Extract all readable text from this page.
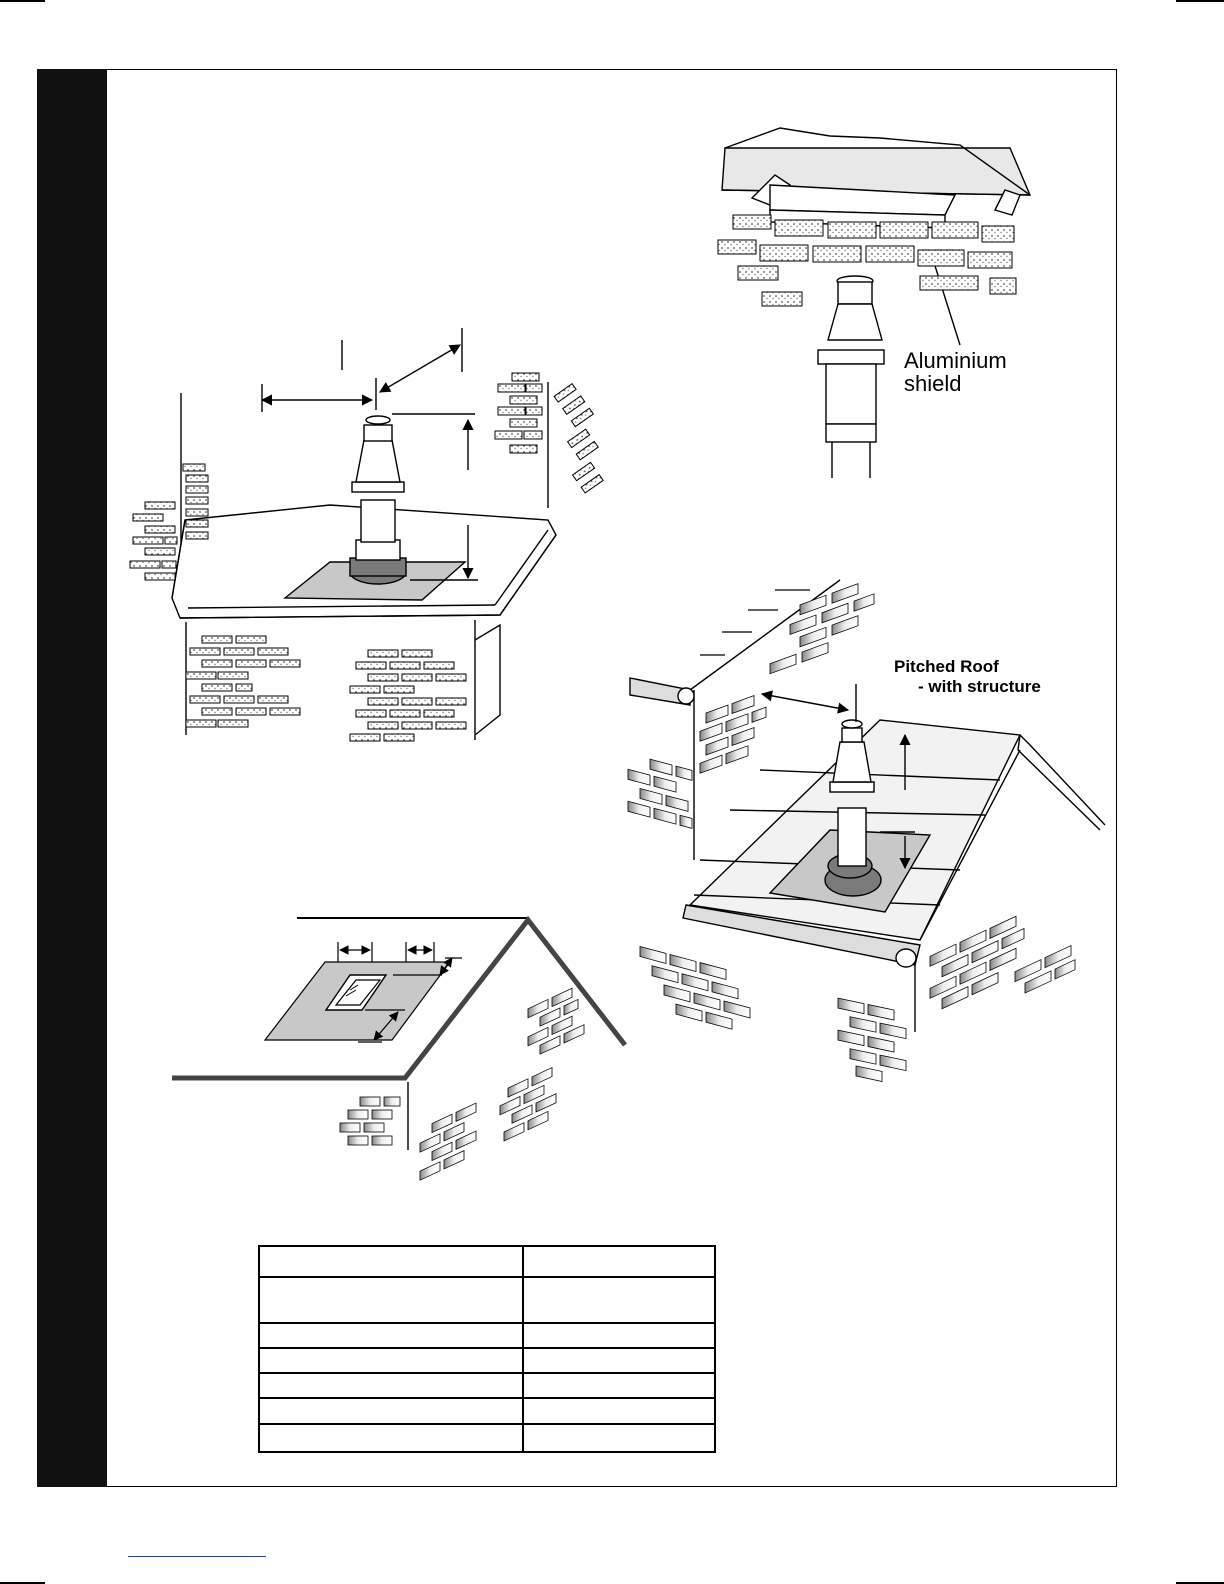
Aluminium
shield
Pitched Roof
- with structure
